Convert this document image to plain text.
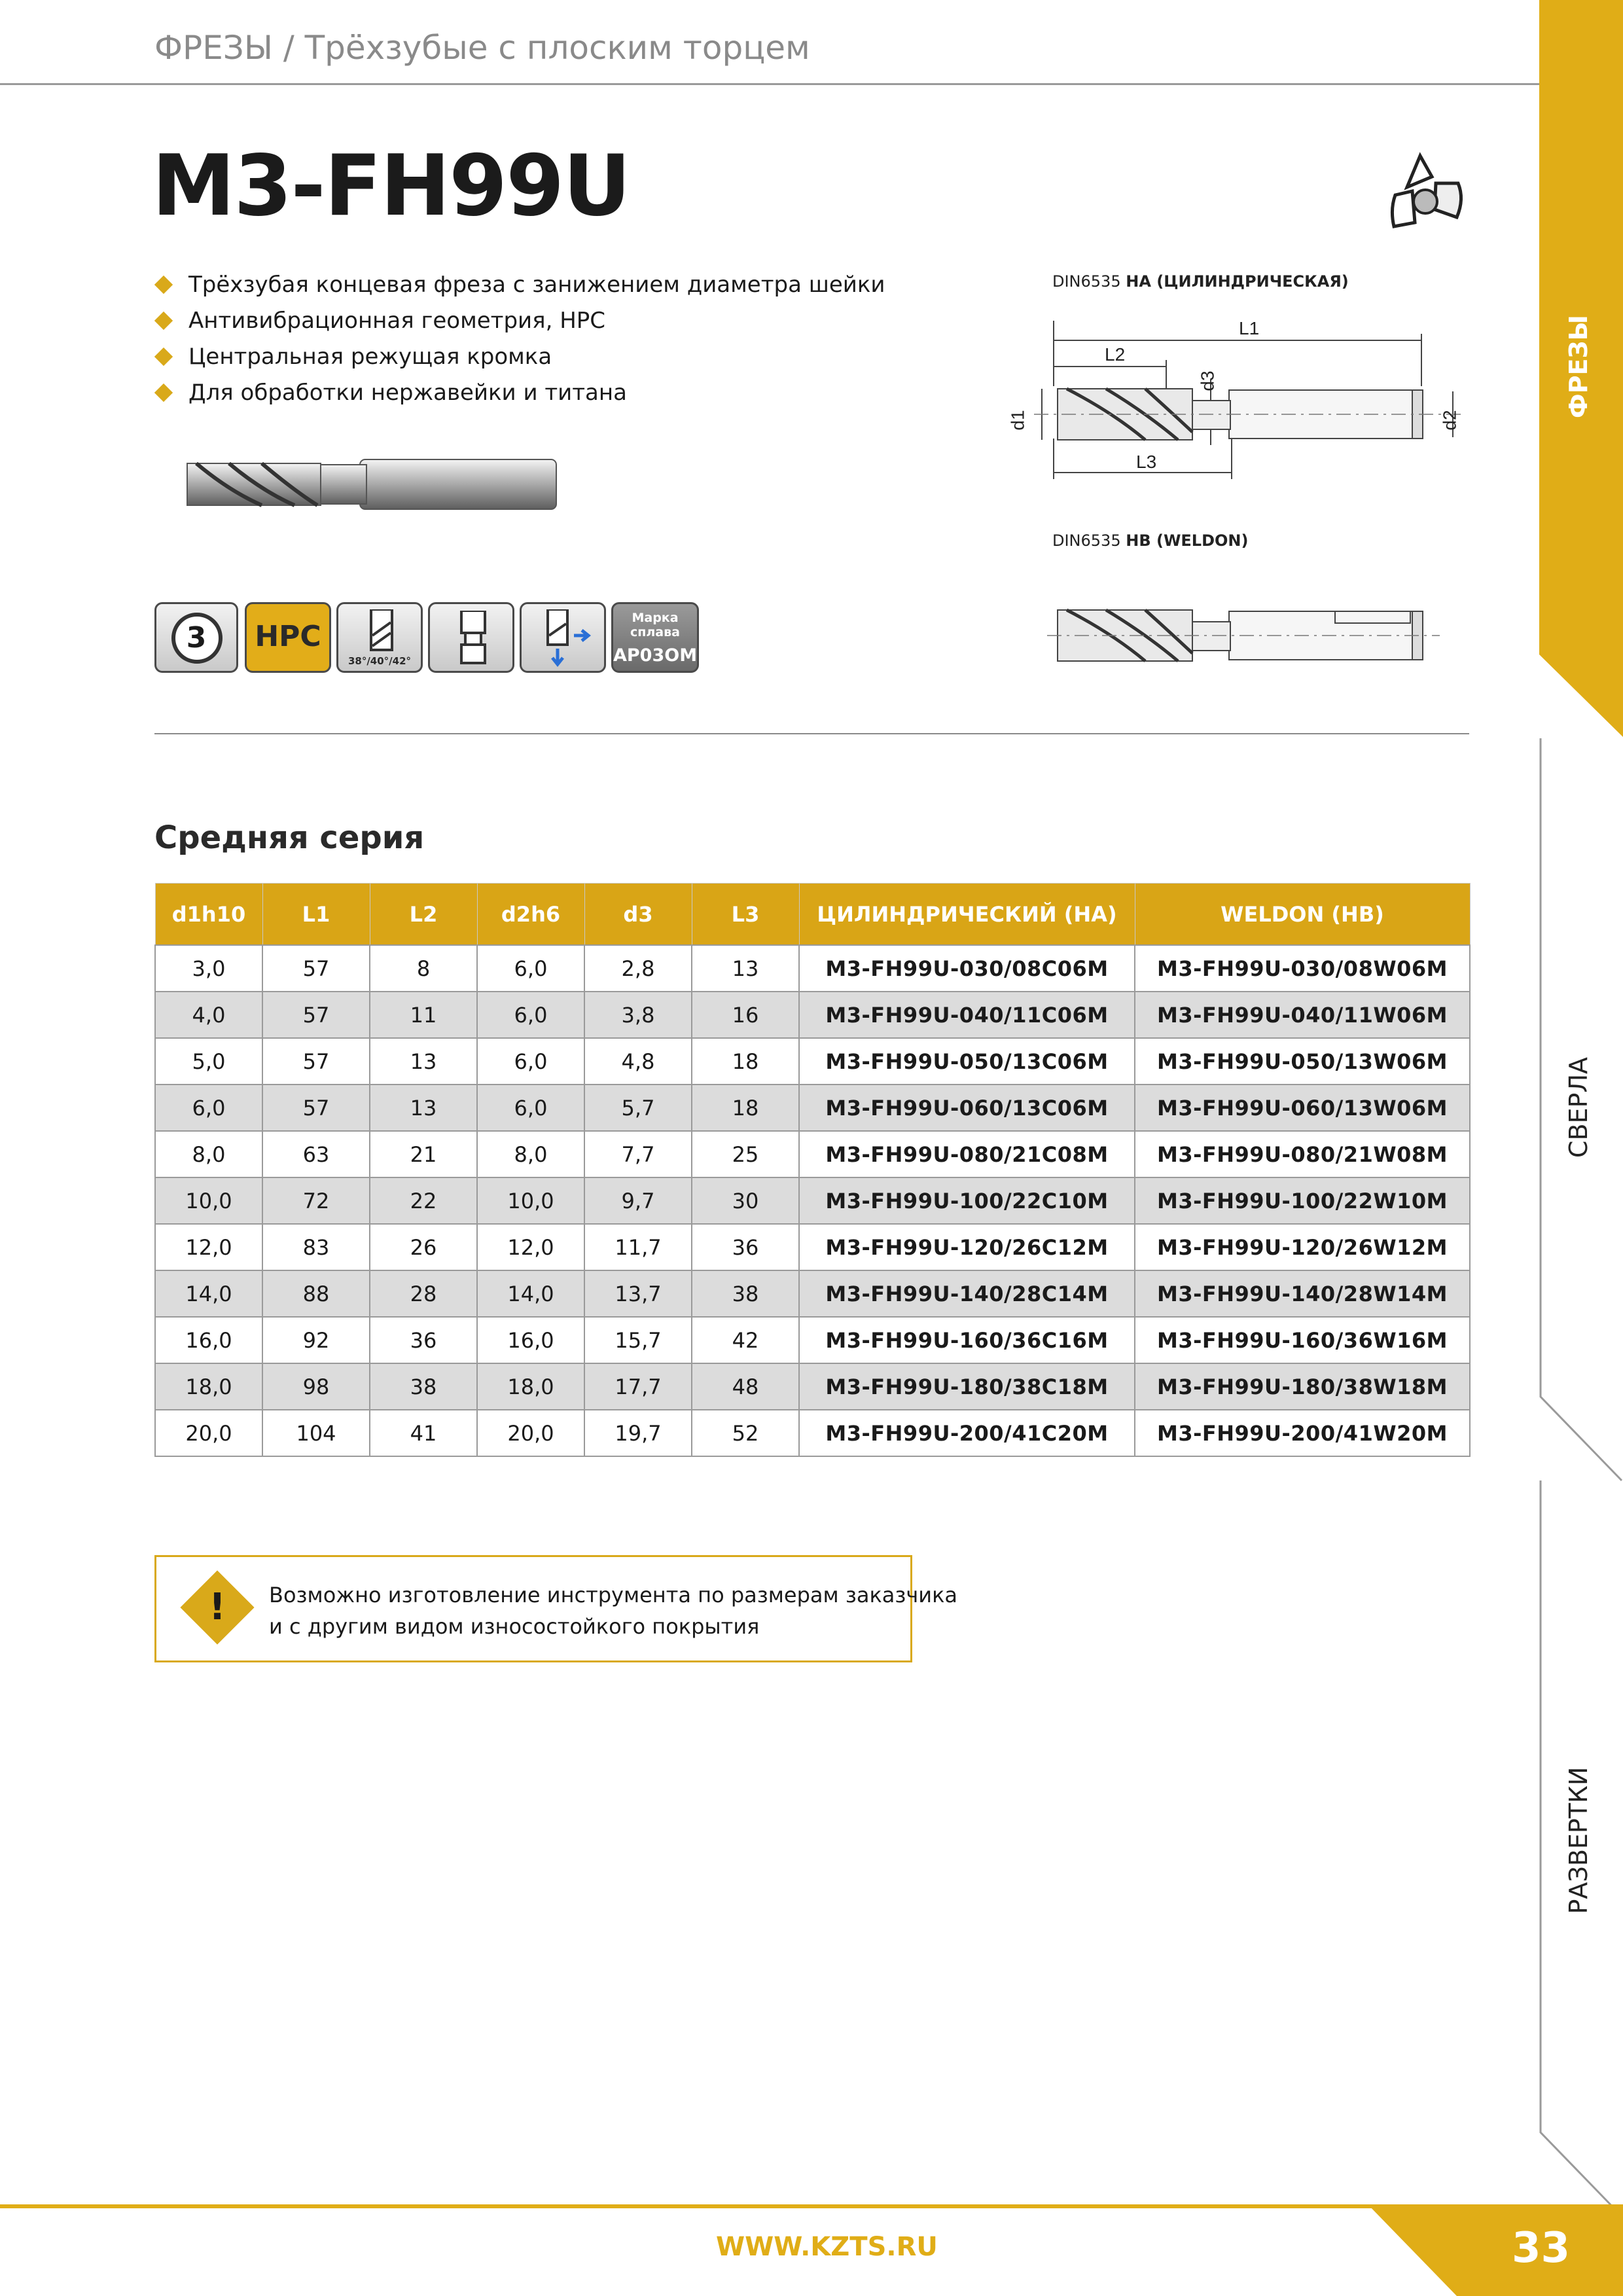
ФРЕЗЫ / Трёхзубые с плоским торцем
M3-FH99U
Трёхзубая концевая фреза с занижением диаметра шейки
Антивибрационная геометрия, HPC
Центральная режущая кромка
Для обработки нержавейки и титана
3	HPC
38°/40°/42°
Марка сплава
AP03OM
DIN6535 HA (ЦИЛИНДРИЧЕСКАЯ)
L1
L2
L3
d3
d1	d2
DIN6535 HB (WELDON)
Средняя серия
d1h10	L1	L2	d2h6	d3	L3	ЦИЛИНДРИЧЕСКИЙ (HA)	WELDON (HB)
3,0	57	8	6,0	2,8	13	M3-FH99U-030/08C06M	M3-FH99U-030/08W06M
4,0	57	11	6,0	3,8	16	M3-FH99U-040/11C06M	M3-FH99U-040/11W06M
5,0	57	13	6,0	4,8	18	M3-FH99U-050/13C06M	M3-FH99U-050/13W06M
6,0	57	13	6,0	5,7	18	M3-FH99U-060/13C06M	M3-FH99U-060/13W06M
8,0	63	21	8,0	7,7	25	M3-FH99U-080/21C08M	M3-FH99U-080/21W08M
10,0	72	22	10,0	9,7	30	M3-FH99U-100/22C10M	M3-FH99U-100/22W10M
12,0	83	26	12,0	11,7	36	M3-FH99U-120/26C12M	M3-FH99U-120/26W12M
14,0	88	28	14,0	13,7	38	M3-FH99U-140/28C14M	M3-FH99U-140/28W14M
16,0	92	36	16,0	15,7	42	M3-FH99U-160/36C16M	M3-FH99U-160/36W16M
18,0	98	38	18,0	17,7	48	M3-FH99U-180/38C18M	M3-FH99U-180/38W18M
20,0	104	41	20,0	19,7	52	M3-FH99U-200/41C20M	M3-FH99U-200/41W20M
!	Возможно изготовление инструмента по размерам заказчика
и с другим видом износостойкого покрытия
ФРЕЗЫ
СВЕРЛА
РАЗВЕРТКИ
WWW.KZTS.RU	33
